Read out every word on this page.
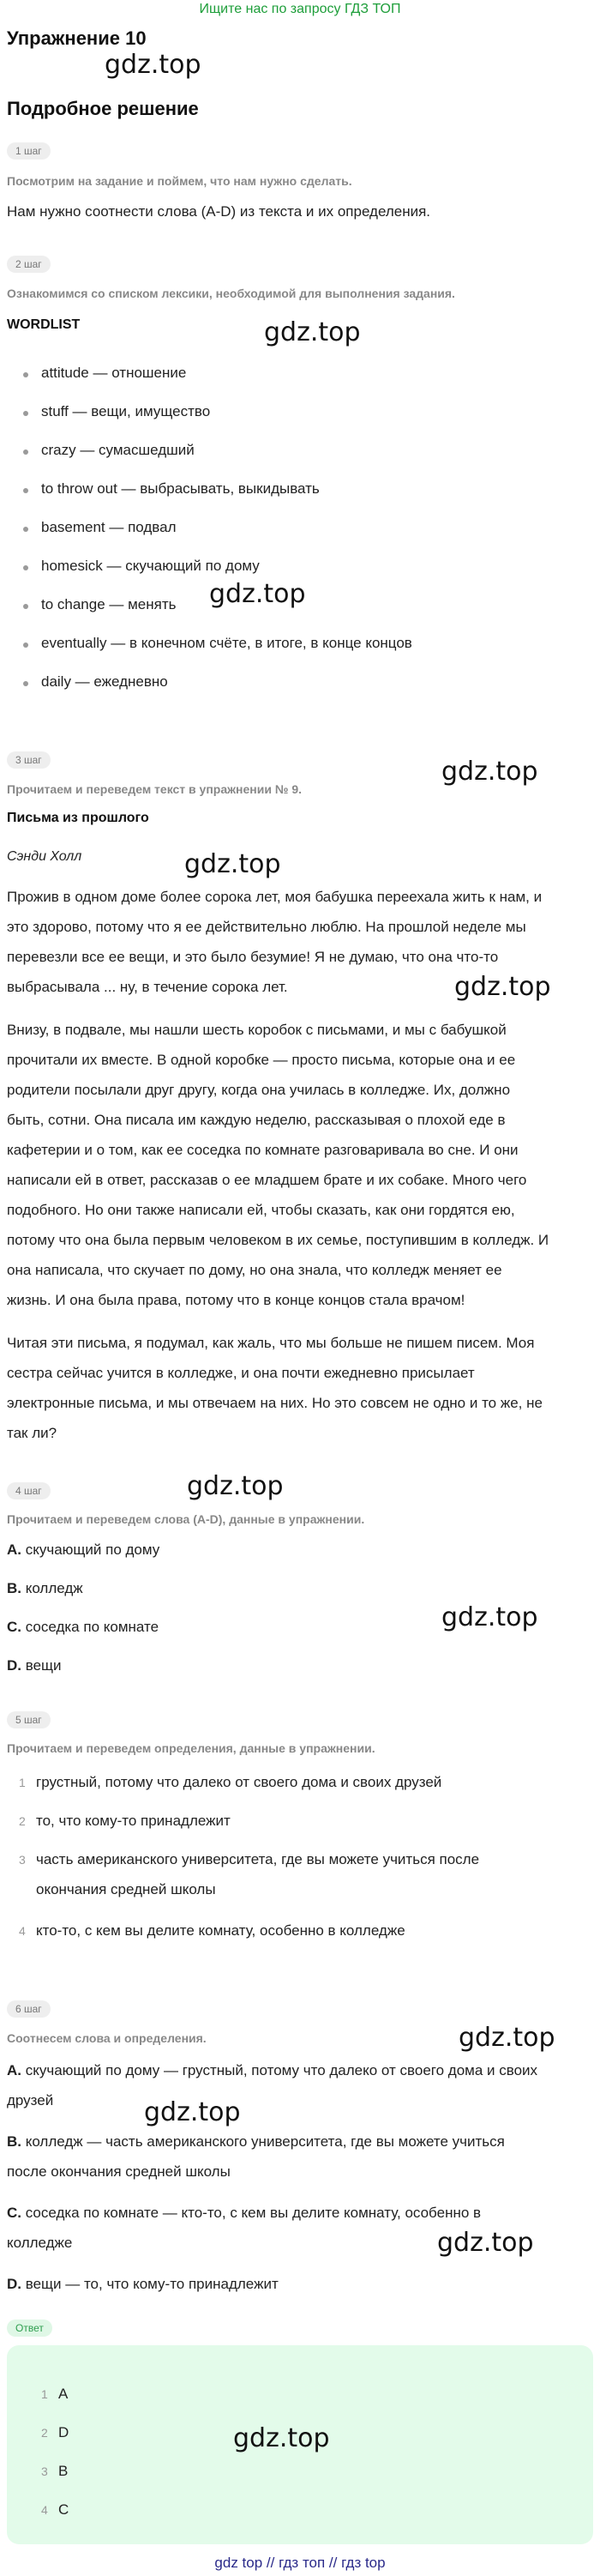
Ищите нас по запросу ГДЗ ТОП
Упражнение 10
gdz.top
Подробное решение
1 шаг
Посмотрим на задание и поймем, что нам нужно сделать.
Нам нужно соотнести слова (A-D) из текста и их определения.
2 шаг
Ознакомимся со списком лексики, необходимой для выполнения задания.
WORDLIST	gdz.top
attitude — отношение
stuff — вещи, имущество
crazy — сумасшедший
to throw out — выбрасывать, выкидывать
basement — подвал
homesick — скучающий по дому
gdz.top
to change — менять
eventually — в конечном счёте, в итоге, в конце концов
daily — ежедневно
3 шаг	gdz.top
Прочитаем и переведем текст в упражнении № 9.
Письма из прошлого
Сэнди Холл	gdz.top
Прожив в одном доме более сорока лет, моя бабушка переехала жить к нам, и
это здорово, потому что я ее действительно люблю. На прошлой неделе мы
перевезли все ее вещи, и это было безумие! Я не думаю, что она что-то
gdz.top
выбрасывала ... ну, в течение сорока лет.
Внизу, в подвале, мы нашли шесть коробок с письмами, и мы с бабушкой
прочитали их вместе. В одной коробке — просто письма, которые она и ее
родители посылали друг другу, когда она училась в колледже. Их, должно
быть, сотни. Она писала им каждую неделю, рассказывая о плохой еде в
кафетерии и о том, как ее соседка по комнате разговаривала во сне. И они
написали ей в ответ, рассказав о ее младшем брате и их собаке. Много чего
подобного. Но они также написали ей, чтобы сказать, как они гордятся ею,
потому что она была первым человеком в их семье, поступившим в колледж. И
она написала, что скучает по дому, но она знала, что колледж меняет ее
жизнь. И она была права, потому что в конце концов стала врачом!
Читая эти письма, я подумал, как жаль, что мы больше не пишем писем. Моя
сестра сейчас учится в колледже, и она почти ежедневно присылает
электронные письма, и мы отвечаем на них. Но это совсем не одно и то же, не
так ли?
gdz.top
4 шаг
Прочитаем и переведем слова (A-D), данные в упражнении.
A. скучающий по дому
B. колледж
gdz.top
C. соседка по комнате
D. вещи
5 шаг
Прочитаем и переведем определения, данные в упражнении.
1 грустный, потому что далеко от своего дома и своих друзей
2 то, что кому-то принадлежит
3 часть американского университета, где вы можете учиться после
окончания средней школы
4 кто-то, с кем вы делите комнату, особенно в колледже
6 шаг
gdz.top
Соотнесем слова и определения.
A. скучающий по дому — грустный, потому что далеко от своего дома и своих
друзей	gdz.top
B. колледж — часть американского университета, где вы можете учиться
после окончания средней школы
C. соседка по комнате — кто-то, с кем вы делите комнату, особенно в
gdz.top
колледже
D. вещи — то, что кому-то принадлежит
Ответ
1 A
2 D	gdz.top
3 B
4 C
gdz top // гдз топ // гдз top
